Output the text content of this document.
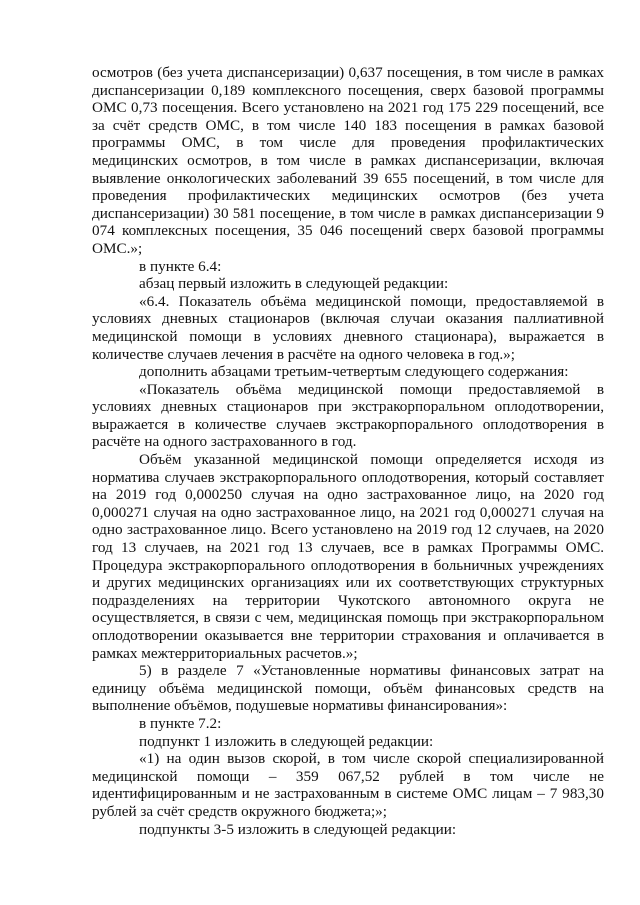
осмотров (без учета диспансеризации) 0,637 посещения, в том числе в рамках диспансеризации 0,189 комплексного посещения, сверх базовой программы ОМС 0,73 посещения. Всего установлено на 2021 год 175 229 посещений, все за счёт средств ОМС, в том числе 140 183 посещения в рамках базовой программы ОМС, в том числе для проведения профилактических медицинских осмотров, в том числе в рамках диспансеризации, включая выявление онкологических заболеваний 39 655 посещений, в том числе для проведения профилактических медицинских осмотров (без учета диспансеризации) 30 581 посещение, в том числе в рамках диспансеризации 9 074 комплексных посещения, 35 046 посещений сверх базовой программы ОМС.»;

в пункте 6.4:

абзац первый изложить в следующей редакции:

«6.4. Показатель объёма медицинской помощи, предоставляемой в условиях дневных стационаров (включая случаи оказания паллиативной медицинской помощи в условиях дневного стационара), выражается в количестве случаев лечения в расчёте на одного человека в год.»;

дополнить абзацами третьим-четвертым следующего содержания:

«Показатель объёма медицинской помощи предоставляемой в условиях дневных стационаров при экстракорпоральном оплодотворении, выражается в количестве случаев экстракорпорального оплодотворения в расчёте на одного застрахованного в год.

Объём указанной медицинской помощи определяется исходя из норматива случаев экстракорпорального оплодотворения, который составляет на 2019 год 0,000250 случая на одно застрахованное лицо, на 2020 год 0,000271 случая на одно застрахованное лицо, на 2021 год 0,000271 случая на одно застрахованное лицо. Всего установлено на 2019 год 12 случаев, на 2020 год 13 случаев, на 2021 год 13 случаев, все в рамках Программы ОМС. Процедура экстракорпорального оплодотворения в больничных учреждениях и других медицинских организациях или их соответствующих структурных подразделениях на территории Чукотского автономного округа не осуществляется, в связи с чем, медицинская помощь при экстракорпоральном оплодотворении оказывается вне территории страхования и оплачивается в рамках межтерриториальных расчетов.»;

5) в разделе 7 «Установленные нормативы финансовых затрат на единицу объёма медицинской помощи, объём финансовых средств на выполнение объёмов, подушевые нормативы финансирования»:

в пункте 7.2:

подпункт 1 изложить в следующей редакции:

«1) на один вызов скорой, в том числе скорой специализированной медицинской помощи – 359 067,52 рублей в том числе не идентифицированным и не застрахованным в системе ОМС лицам – 7 983,30 рублей за счёт средств окружного бюджета;»;

подпункты 3-5 изложить в следующей редакции:
